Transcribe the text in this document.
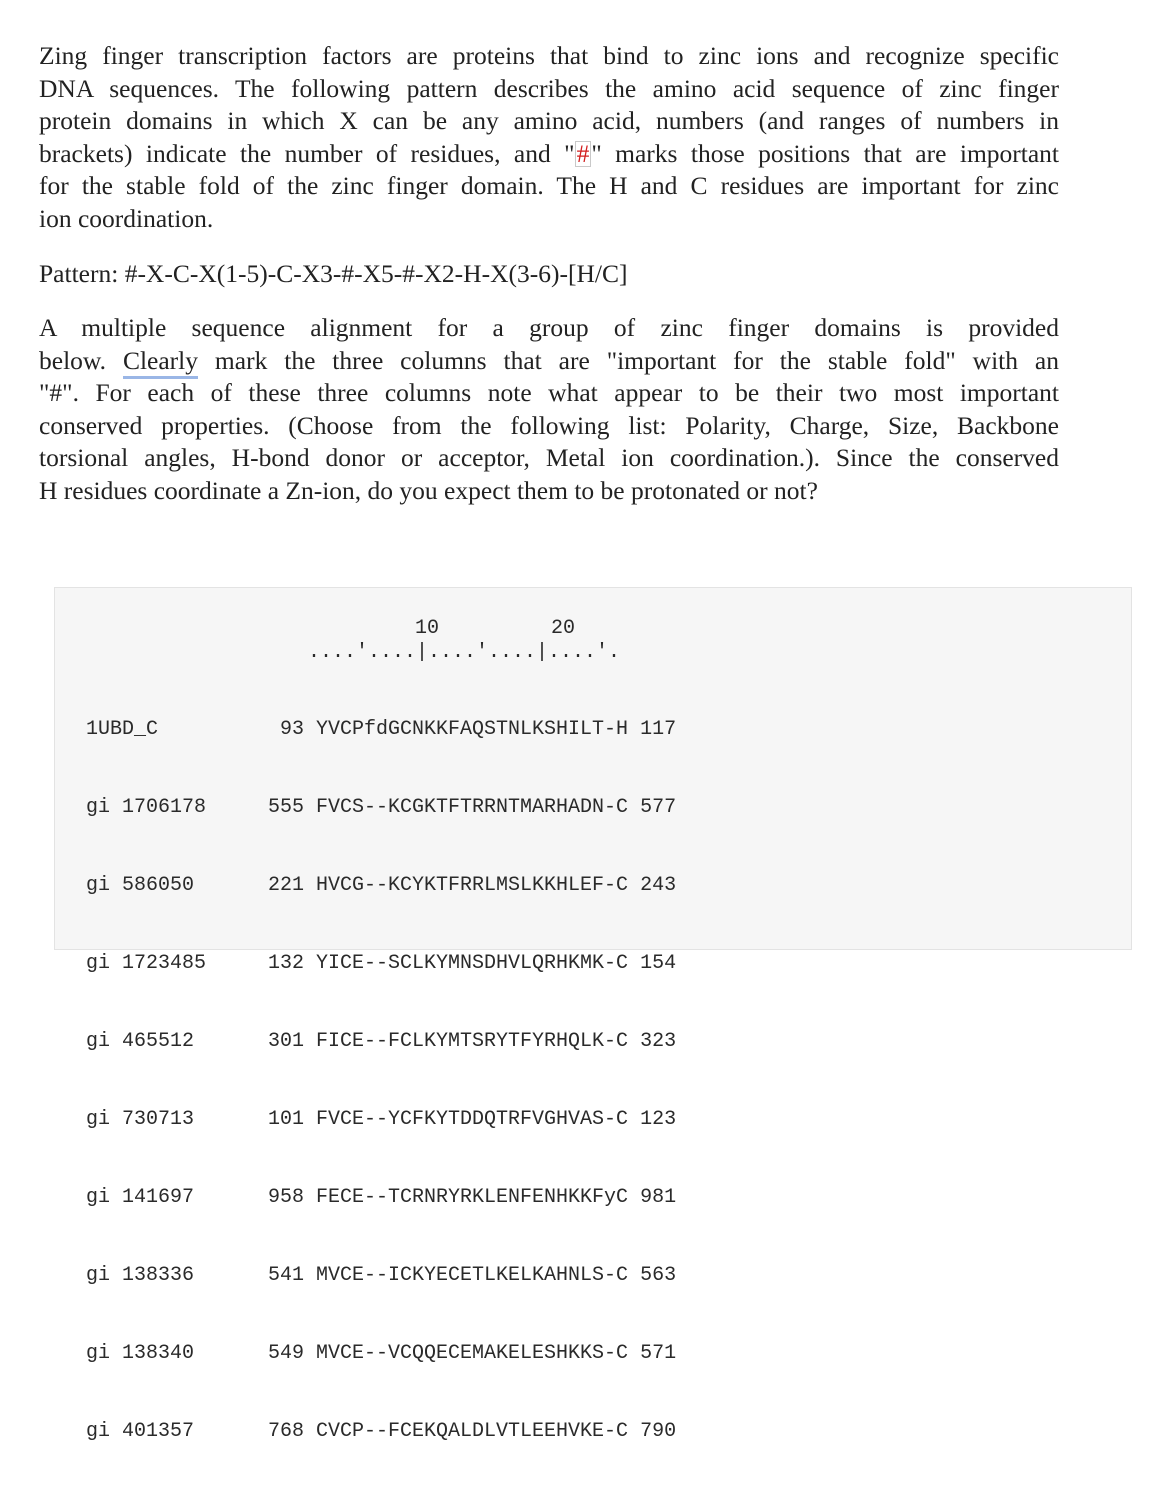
Zing finger transcription factors are proteins that bind to zinc ions and recognize specific
DNA sequences. The following pattern describes the amino acid sequence of zinc finger
protein domains in which X can be any amino acid, numbers (and ranges of numbers in
brackets) indicate the number of residues, and "#" marks those positions that are important
for the stable fold of the zinc finger domain. The H and C residues are important for zinc
ion coordination.
Pattern: #-X-C-X(1-5)-C-X3-#-X5-#-X2-H-X(3-6)-[H/C]
A multiple sequence alignment for a group of zinc finger domains is provided
below. Clearly mark the three columns that are "important for the stable fold" with an
"#". For each of these three columns note what appear to be their two most important
conserved properties. (Choose from the following list: Polarity, Charge, Size, Backbone
torsional angles, H-bond donor or acceptor, Metal ion coordination.). Since the conserved
H residues coordinate a Zn-ion, do you expect them to be protonated or not?

10

	20

....'....|....'....|....'.

1UBD_C	93 YVCPfdGCNKKFAQSTNLKSHILT-H 117

gi 1706178	555 FVCS--KCGKTFTRRNTMARHADN-C 577

gi 586050	221 HVCG--KCYKTFRRLMSLKKHLEF-C 243

gi 1723485	132 YICE--SCLKYMNSDHVLQRHKMK-C 154

gi 465512	301 FICE--FCLKYMTSRYTFYRHQLK-C 323

gi 730713	101 FVCE--YCFKYTDDQTRFVGHVAS-C 123

gi 141697	958 FECE--TCRNRYRKLENFENHKKFyC 981

gi 138336	541 MVCE--ICKYECETLKELKAHNLS-C 563

gi 138340	549 MVCE--VCQQECEMAKELESHKKS-C 571

gi 401357	768 CVCP--FCEKQALDLVTLEEHVKE-C 790
